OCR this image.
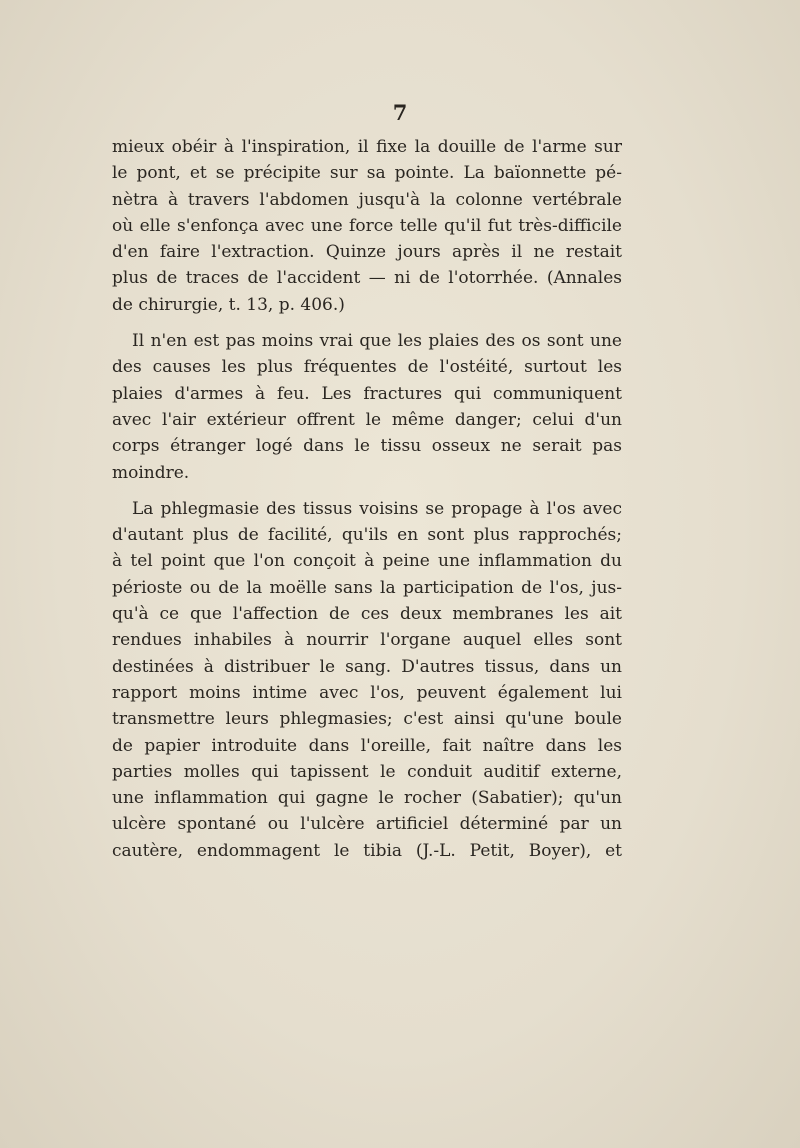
7

mieux obéir à l'inspiration, il fixe la douille de l'arme sur
le pont, et se précipite sur sa pointe. La baïonnette pé-
nètra à travers l'abdomen jusqu'à la colonne vertébrale
où elle s'enfonça avec une force telle qu'il fut très-difficile
d'en faire l'extraction. Quinze jours après il ne restait
plus de traces de l'accident — ni de l'otorrhée. (Annales
de chirurgie, t. 13, p. 406.)

Il n'en est pas moins vrai que les plaies des os sont une
des causes les plus fréquentes de l'ostéité, surtout les
plaies d'armes à feu. Les fractures qui communiquent
avec l'air extérieur offrent le même danger; celui d'un
corps étranger logé dans le tissu osseux ne serait pas
moindre.

La phlegmasie des tissus voisins se propage à l'os avec
d'autant plus de facilité, qu'ils en sont plus rapprochés;
à tel point que l'on conçoit à peine une inflammation du
périoste ou de la moëlle sans la participation de l'os, jus-
qu'à ce que l'affection de ces deux membranes les ait
rendues inhabiles à nourrir l'organe auquel elles sont
destinées à distribuer le sang. D'autres tissus, dans un
rapport moins intime avec l'os, peuvent également lui
transmettre leurs phlegmasies; c'est ainsi qu'une boule
de papier introduite dans l'oreille, fait naître dans les
parties molles qui tapissent le conduit auditif externe,
une inflammation qui gagne le rocher (Sabatier); qu'un
ulcère spontané ou l'ulcère artificiel déterminé par un
cautère, endommagent le tibia (J.-L. Petit, Boyer), et
